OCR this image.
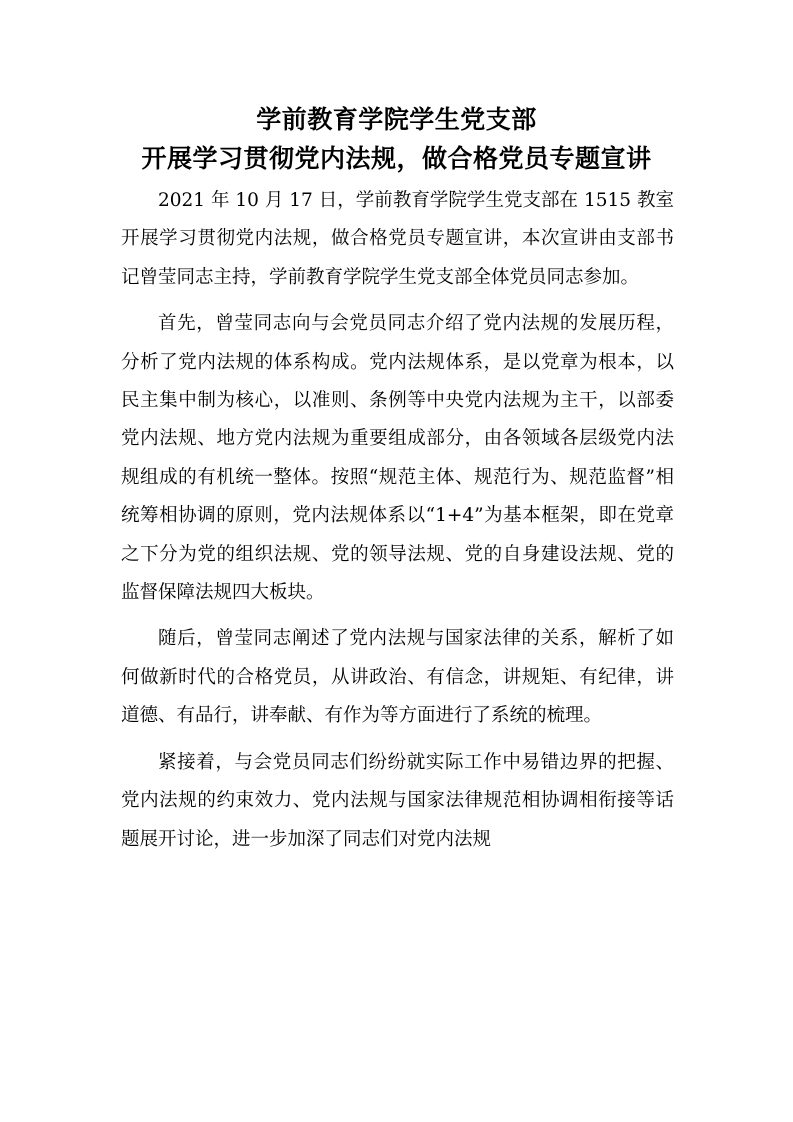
学前教育学院学生党支部
开展学习贯彻党内法规，做合格党员专题宣讲

2021 年 10 月 17 日，学前教育学院学生党支部在 1515 教室开展学习贯彻党内法规，做合格党员专题宣讲，本次宣讲由支部书记曾莹同志主持，学前教育学院学生党支部全体党员同志参加。

首先，曾莹同志向与会党员同志介绍了党内法规的发展历程，分析了党内法规的体系构成。党内法规体系，是以党章为根本，以民主集中制为核心，以准则、条例等中央党内法规为主干，以部委党内法规、地方党内法规为重要组成部分，由各领域各层级党内法规组成的有机统一整体。按照“规范主体、规范行为、规范监督”相统筹相协调的原则，党内法规体系以“1+4”为基本框架，即在党章之下分为党的组织法规、党的领导法规、党的自身建设法规、党的监督保障法规四大板块。

随后，曾莹同志阐述了党内法规与国家法律的关系，解析了如何做新时代的合格党员，从讲政治、有信念，讲规矩、有纪律，讲道德、有品行，讲奉献、有作为等方面进行了系统的梳理。

紧接着，与会党员同志们纷纷就实际工作中易错边界的把握、党内法规的约束效力、党内法规与国家法律规范相协调相衔接等话题展开讨论，进一步加深了同志们对党内法规
